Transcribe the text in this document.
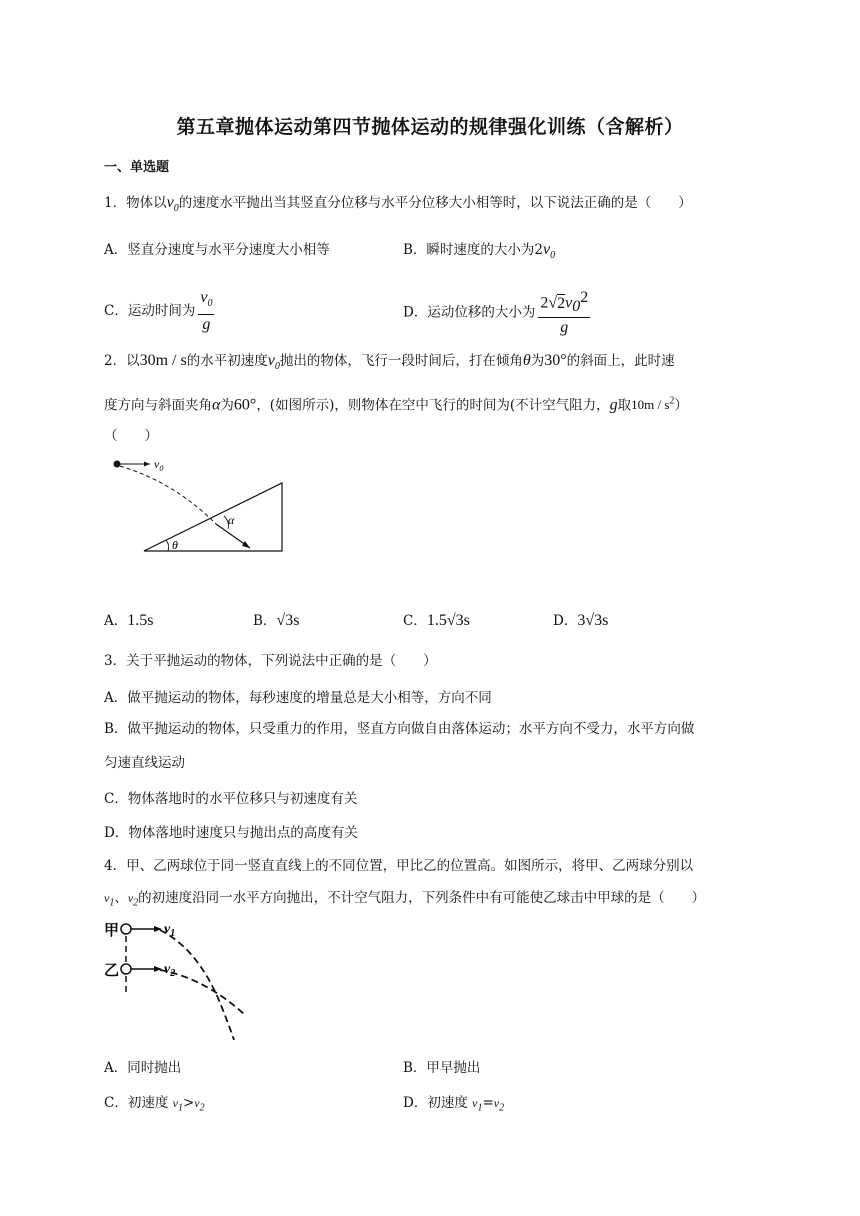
第五章抛体运动第四节抛体运动的规律强化训练（含解析）
一、单选题
1．物体以$v_0$的速度水平抛出当其竖直分位移与水平分位移大小相等时，以下说法正确的是（　　）
A．竖直分速度与水平分速度大小相等	B．瞬时速度的大小为$2v_0$
C．运动时间为 $\frac{v_0}{g}$	D．运动位移的大小为 $\frac{2√2v_0^2}{g}$
2．以30m / s的水平初速度$v_0$抛出的物体，飞行一段时间后，打在倾角θ为30°的斜面上，此时速
度方向与斜面夹角α为60°，(如图所示)，则物体在空中飞行的时间为(不计空气阻力，g取$10m / s^2$）
（　　）
$v_0$
α
θ
A．1.5s	B．√3s	C．1.5√3s	D．3√3s
3．关于平抛运动的物体，下列说法中正确的是（　　）
A．做平抛运动的物体，每秒速度的增量总是大小相等，方向不同
B．做平抛运动的物体，只受重力的作用，竖直方向做自由落体运动；水平方向不受力，水平方向做
匀速直线运动
C．物体落地时的水平位移只与初速度有关
D．物体落地时速度只与抛出点的高度有关
4．甲、乙两球位于同一竖直直线上的不同位置，甲比乙的位置高。如图所示，将甲、乙两球分别以
$v_1$、$v_2$的初速度沿同一水平方向抛出，不计空气阻力，下列条件中有可能使乙球击中甲球的是（　　）
甲
乙
$v_1$
$v_2$
A．同时抛出	B．甲早抛出
C．初速度 $v_1>v_2$	D．初速度 $v_1=v_2$
